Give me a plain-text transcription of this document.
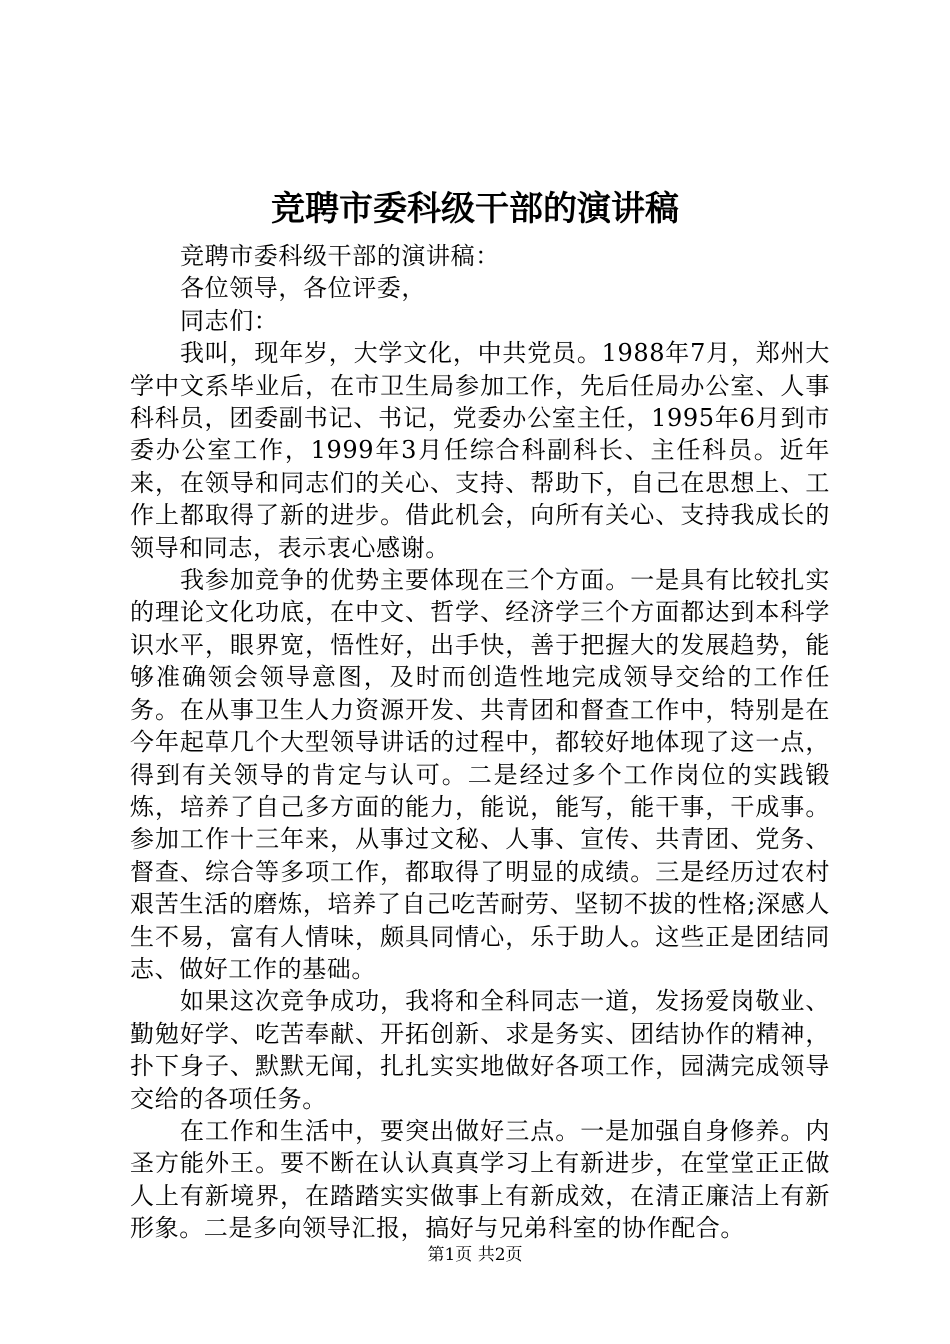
竞聘市委科级干部的演讲稿

竞聘市委科级干部的演讲稿：

各位领导，各位评委，

同志们：

我叫，现年岁，大学文化，中共党员。1988年7月，郑州大学中文系毕业后，在市卫生局参加工作，先后任局办公室、人事科科员，团委副书记、书记，党委办公室主任，1995年6月到市委办公室工作，1999年3月任综合科副科长、主任科员。近年来，在领导和同志们的关心、支持、帮助下，自己在思想上、工作上都取得了新的进步。借此机会，向所有关心、支持我成长的领导和同志，表示衷心感谢。

我参加竞争的优势主要体现在三个方面。一是具有比较扎实的理论文化功底，在中文、哲学、经济学三个方面都达到本科学识水平，眼界宽，悟性好，出手快，善于把握大的发展趋势，能够准确领会领导意图，及时而创造性地完成领导交给的工作任务。在从事卫生人力资源开发、共青团和督查工作中，特别是在今年起草几个大型领导讲话的过程中，都较好地体现了这一点，得到有关领导的肯定与认可。二是经过多个工作岗位的实践锻炼，培养了自己多方面的能力，能说，能写，能干事，干成事。参加工作十三年来，从事过文秘、人事、宣传、共青团、党务、督查、综合等多项工作，都取得了明显的成绩。三是经历过农村艰苦生活的磨炼，培养了自己吃苦耐劳、坚韧不拔的性格;深感人生不易，富有人情味，颇具同情心，乐于助人。这些正是团结同志、做好工作的基础。

如果这次竞争成功，我将和全科同志一道，发扬爱岗敬业、勤勉好学、吃苦奉献、开拓创新、求是务实、团结协作的精神，扑下身子、默默无闻，扎扎实实地做好各项工作，园满完成领导交给的各项任务。

在工作和生活中，要突出做好三点。一是加强自身修养。内圣方能外王。要不断在认认真真学习上有新进步，在堂堂正正做人上有新境界，在踏踏实实做事上有新成效，在清正廉洁上有新形象。二是多向领导汇报，搞好与兄弟科室的协作配合。

第1页 共2页
